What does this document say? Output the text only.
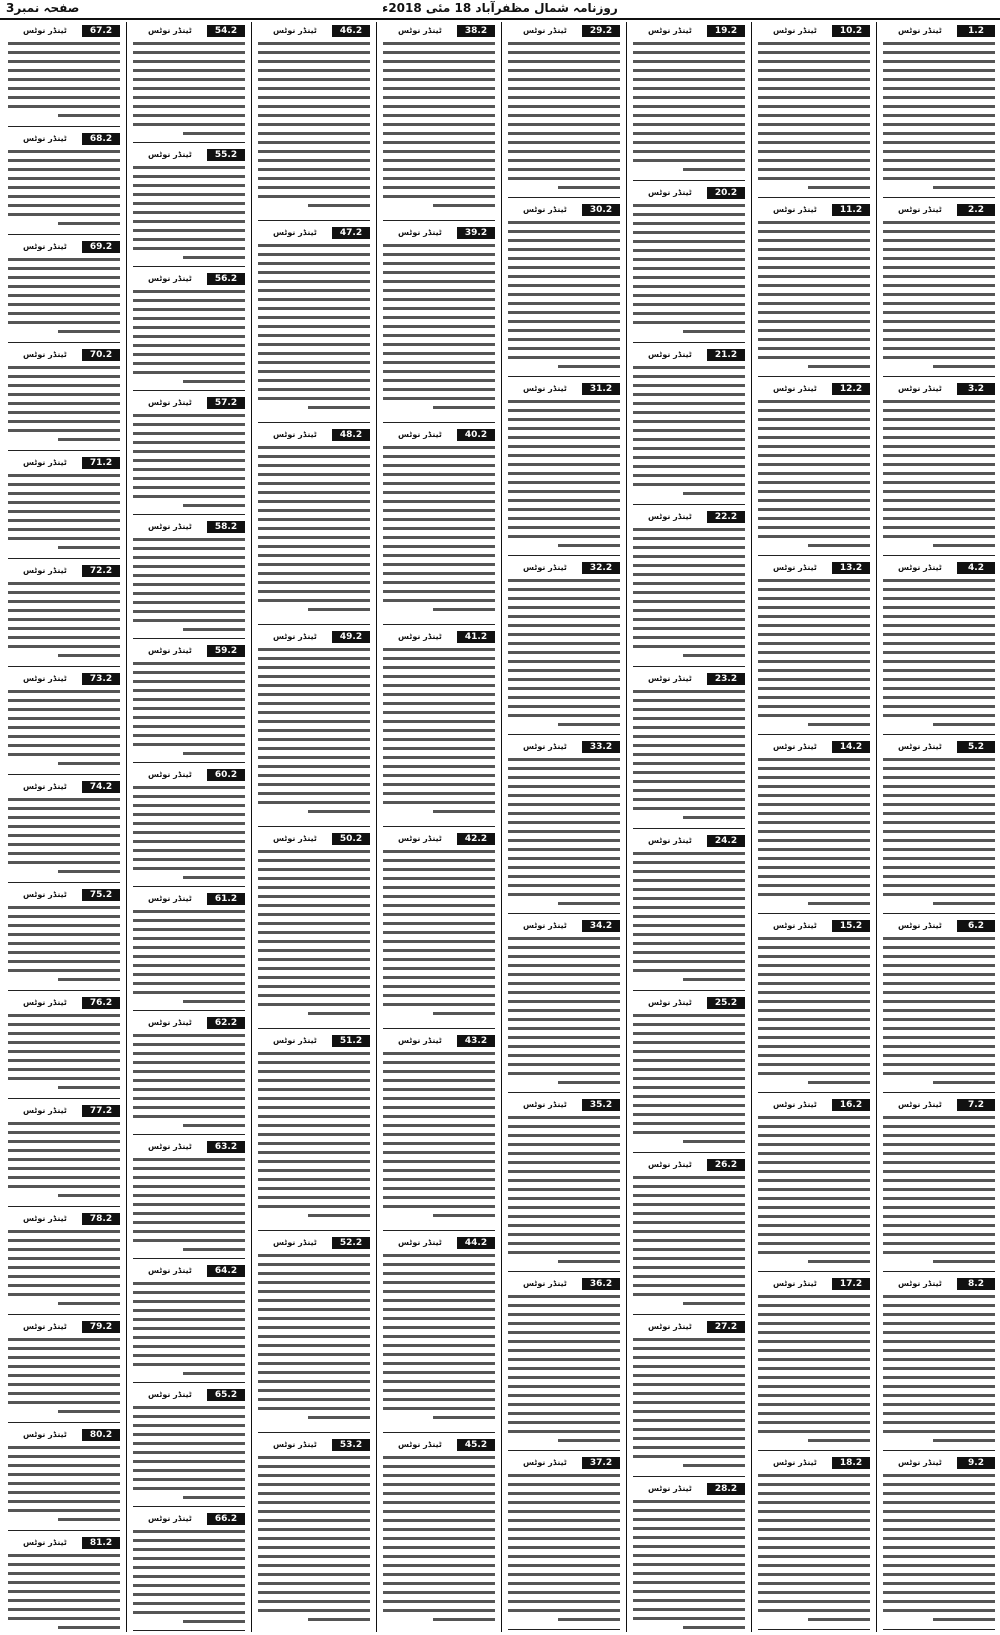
صفحہ نمبر3	روزنامہ شمال مظفرآباد 18 مئی 2018ء
1.2
ٹینڈر نوٹس
2.2
ٹینڈر نوٹس
3.2
ٹینڈر نوٹس
4.2
ٹینڈر نوٹس
5.2
ٹینڈر نوٹس
6.2
ٹینڈر نوٹس
7.2
ٹینڈر نوٹس
8.2
ٹینڈر نوٹس
9.2
ٹینڈر نوٹس
10.2
ٹینڈر نوٹس
11.2
ٹینڈر نوٹس
12.2
ٹینڈر نوٹس
13.2
ٹینڈر نوٹس
14.2
ٹینڈر نوٹس
15.2
ٹینڈر نوٹس
16.2
ٹینڈر نوٹس
17.2
ٹینڈر نوٹس
18.2
ٹینڈر نوٹس
19.2
ٹینڈر نوٹس
20.2
ٹینڈر نوٹس
21.2
ٹینڈر نوٹس
22.2
ٹینڈر نوٹس
23.2
ٹینڈر نوٹس
24.2
ٹینڈر نوٹس
25.2
ٹینڈر نوٹس
26.2
ٹینڈر نوٹس
27.2
ٹینڈر نوٹس
28.2
ٹینڈر نوٹس
29.2
ٹینڈر نوٹس
30.2
ٹینڈر نوٹس
31.2
ٹینڈر نوٹس
32.2
ٹینڈر نوٹس
33.2
ٹینڈر نوٹس
34.2
ٹینڈر نوٹس
35.2
ٹینڈر نوٹس
36.2
ٹینڈر نوٹس
37.2
ٹینڈر نوٹس
38.2
ٹینڈر نوٹس
39.2
ٹینڈر نوٹس
40.2
ٹینڈر نوٹس
41.2
ٹینڈر نوٹس
42.2
ٹینڈر نوٹس
43.2
ٹینڈر نوٹس
44.2
ٹینڈر نوٹس
45.2
ٹینڈر نوٹس
46.2
ٹینڈر نوٹس
47.2
ٹینڈر نوٹس
48.2
ٹینڈر نوٹس
49.2
ٹینڈر نوٹس
50.2
ٹینڈر نوٹس
51.2
ٹینڈر نوٹس
52.2
ٹینڈر نوٹس
53.2
ٹینڈر نوٹس
54.2
ٹینڈر نوٹس
55.2
ٹینڈر نوٹس
56.2
ٹینڈر نوٹس
57.2
ٹینڈر نوٹس
58.2
ٹینڈر نوٹس
59.2
ٹینڈر نوٹس
60.2
ٹینڈر نوٹس
61.2
ٹینڈر نوٹس
62.2
ٹینڈر نوٹس
63.2
ٹینڈر نوٹس
64.2
ٹینڈر نوٹس
65.2
ٹینڈر نوٹس
66.2
ٹینڈر نوٹس
67.2
ٹینڈر نوٹس
68.2
ٹینڈر نوٹس
69.2
ٹینڈر نوٹس
70.2
ٹینڈر نوٹس
71.2
ٹینڈر نوٹس
72.2
ٹینڈر نوٹس
73.2
ٹینڈر نوٹس
74.2
ٹینڈر نوٹس
75.2
ٹینڈر نوٹس
76.2
ٹینڈر نوٹس
77.2
ٹینڈر نوٹس
78.2
ٹینڈر نوٹس
79.2
ٹینڈر نوٹس
80.2
ٹینڈر نوٹس
81.2
ٹینڈر نوٹس
